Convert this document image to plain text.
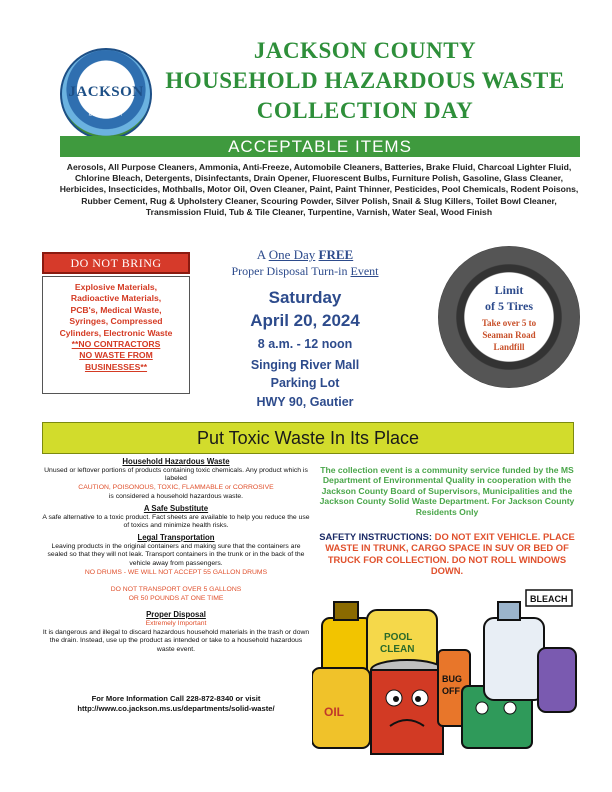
JACKSON
COUNTY
MISSISSIPPI
JACKSON COUNTY
HOUSEHOLD HAZARDOUS WASTE
COLLECTION DAY
ACCEPTABLE ITEMS
Aerosols, All Purpose Cleaners, Ammonia, Anti-Freeze, Automobile Cleaners, Batteries, Brake Fluid, Charcoal Lighter Fluid, Chlorine Bleach, Detergents, Disinfectants, Drain Opener, Fluorescent Bulbs, Furniture Polish, Gasoline, Glass Cleaner, Herbicides, Insecticides, Mothballs, Motor Oil, Oven Cleaner, Paint, Paint Thinner, Pesticides, Pool Chemicals, Rodent Poisons, Rubber Cement, Rug & Upholstery Cleaner, Scouring Powder, Silver Polish, Snail & Slug Killers, Toilet Bowl Cleaner, Transmission Fluid, Tub & Tile Cleaner, Turpentine, Varnish, Water Seal, Wood Finish
DO NOT BRING
Explosive Materials,
Radioactive Materials,
PCB's, Medical Waste,
Syringes, Compressed
Cylinders, Electronic Waste
**NO CONTRACTORS
NO WASTE FROM
BUSINESSES**
A One Day FREE
Proper Disposal Turn-in Event
Saturday
April 20, 2024
8 a.m. - 12 noon
Singing River Mall
Parking Lot
HWY 90, Gautier
Limit
of 5 Tires
Take over 5 to
Seaman Road
Landfill
Put Toxic Waste In Its Place
Household Hazardous Waste
Unused or leftover portions of products containing toxic chemicals. Any product which is labeled
CAUTION, POISONOUS, TOXIC, FLAMMABLE or CORROSIVE
is considered a household hazardous waste.
A Safe Substitute
A safe alternative to a toxic product. Fact sheets are available to help you reduce the use of toxics and minimize health risks.
Legal Transportation
Leaving products in the original containers and making sure that the containers are sealed so that they will not leak. Transport containers in the trunk or in the back of the vehicle away from passengers.
NO DRUMS - WE WILL NOT ACCEPT 55 GALLON DRUMS
DO NOT TRANSPORT OVER 5 GALLONS
OR 50 POUNDS AT ONE TIME
Proper Disposal
Extremely Important
It is dangerous and illegal to discard hazardous household materials in the trash or down the drain. Instead, use up the product as intended or take to a household hazardous waste event.
For More Information Call 228-872-8340 or visit
http://www.co.jackson.ms.us/departments/solid-waste/
The collection event is a community service funded by the MS Department of Environmental Quality in cooperation with the Jackson County Board of Supervisors, Municipalities and the Jackson County Solid Waste Department. For Jackson County Residents Only
SAFETY INSTRUCTIONS: DO NOT EXIT VEHICLE. PLACE WASTE IN TRUNK, CARGO SPACE IN SUV OR BED OF TRUCK FOR COLLECTION. DO NOT ROLL WINDOWS DOWN.
POOL
CLEAN
OIL
BUG
OFF
BLEACH
